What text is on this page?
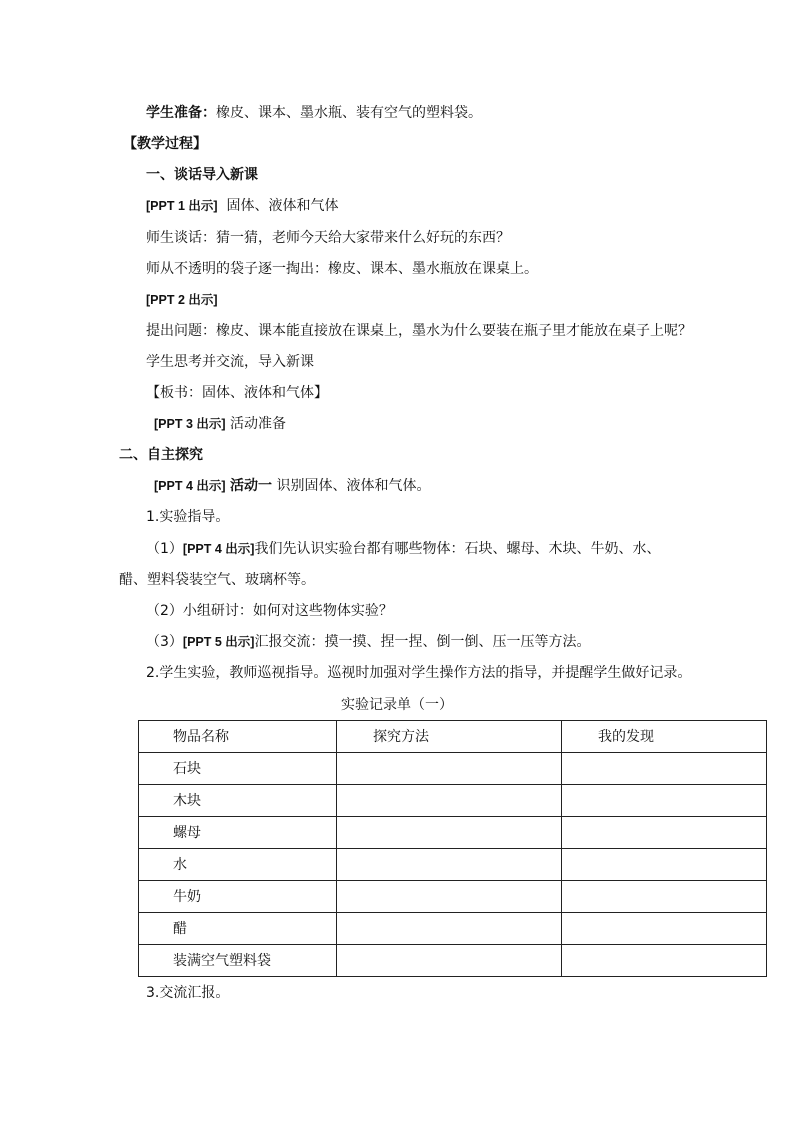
学生准备：橡皮、课本、墨水瓶、装有空气的塑料袋。
【教学过程】
一、谈话导入新课
[PPT 1 出示] 固体、液体和气体
师生谈话：猜一猜，老师今天给大家带来什么好玩的东西？
师从不透明的袋子逐一掏出：橡皮、课本、墨水瓶放在课桌上。
[PPT 2 出示]
提出问题：橡皮、课本能直接放在课桌上，墨水为什么要装在瓶子里才能放在桌子上呢？
学生思考并交流，导入新课
【板书：固体、液体和气体】
[PPT 3 出示] 活动准备
二、自主探究
[PPT 4 出示] 活动一 识别固体、液体和气体。
1.实验指导。
（1）[PPT 4 出示]我们先认识实验台都有哪些物体：石块、螺母、木块、牛奶、水、
醋、塑料袋装空气、玻璃杯等。
（2）小组研讨：如何对这些物体实验？
（3）[PPT 5 出示]汇报交流：摸一摸、捏一捏、倒一倒、压一压等方法。
2.学生实验，教师巡视指导。巡视时加强对学生操作方法的指导，并提醒学生做好记录。
实验记录单（一）
物品名称	探究方法	我的发现
石块		
木块		
螺母		
水		
牛奶		
醋		
装满空气塑料袋		
3.交流汇报。
